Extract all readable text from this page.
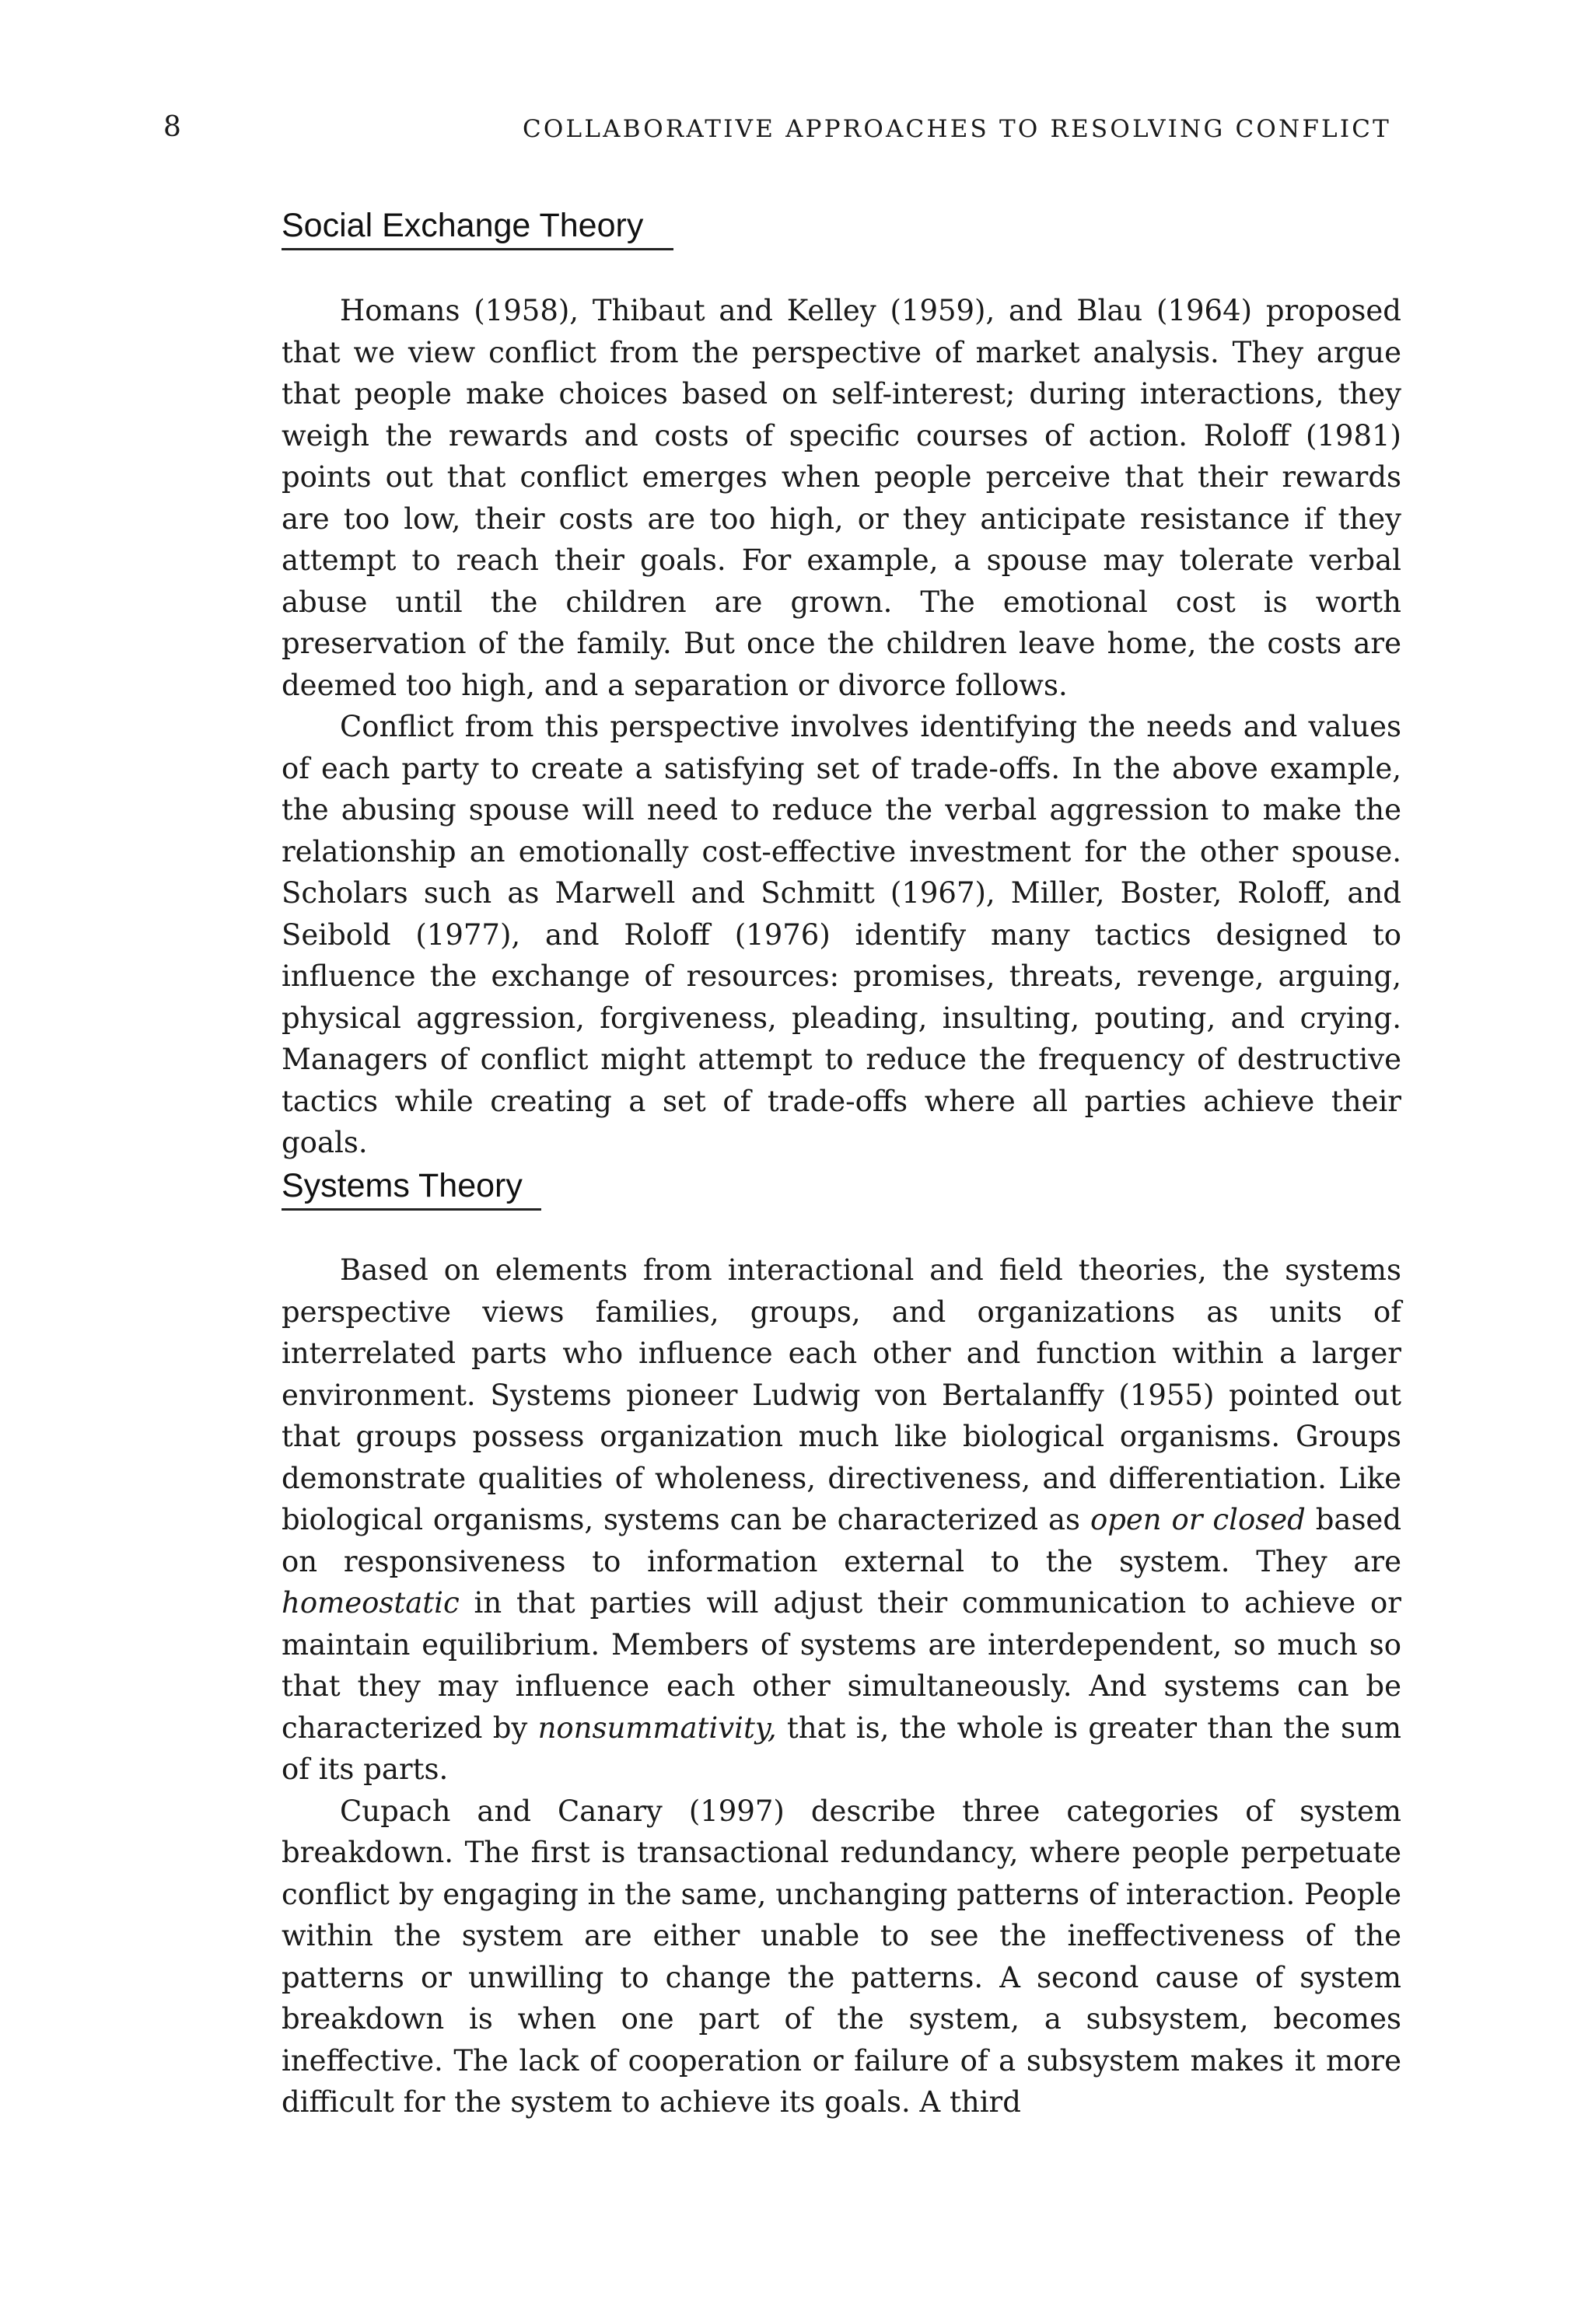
8	COLLABORATIVE APPROACHES TO RESOLVING CONFLICT
Social Exchange Theory

Homans (1958), Thibaut and Kelley (1959), and Blau (1964) proposed that we view conflict from the perspective of market analysis. They argue that people make choices based on self-interest; during interactions, they weigh the rewards and costs of specific courses of action. Roloff (1981) points out that conflict emerges when people perceive that their rewards are too low, their costs are too high, or they anticipate resistance if they attempt to reach their goals. For example, a spouse may tolerate verbal abuse until the children are grown. The emotional cost is worth preservation of the family. But once the children leave home, the costs are deemed too high, and a separation or divorce follows.

Conflict from this perspective involves identifying the needs and values of each party to create a satisfying set of trade-offs. In the above example, the abusing spouse will need to reduce the verbal aggression to make the relationship an emotionally cost-effective investment for the other spouse. Scholars such as Marwell and Schmitt (1967), Miller, Boster, Roloff, and Seibold (1977), and Roloff (1976) identify many tactics designed to influence the exchange of resources: promises, threats, revenge, arguing, physical aggression, forgiveness, pleading, insulting, pouting, and crying. Managers of conflict might attempt to reduce the frequency of destructive tactics while creating a set of trade-offs where all parties achieve their goals.

Systems Theory

Based on elements from interactional and field theories, the systems perspective views families, groups, and organizations as units of interrelated parts who influence each other and function within a larger environment. Systems pioneer Ludwig von Bertalanffy (1955) pointed out that groups possess organization much like biological organisms. Groups demonstrate qualities of wholeness, directiveness, and differentiation. Like biological organisms, systems can be characterized as open or closed based on responsiveness to information external to the system. They are homeostatic in that parties will adjust their communication to achieve or maintain equilibrium. Members of systems are interdependent, so much so that they may influence each other simultaneously. And systems can be characterized by nonsummativity, that is, the whole is greater than the sum of its parts.

Cupach and Canary (1997) describe three categories of system breakdown. The first is transactional redundancy, where people perpetuate conflict by engaging in the same, unchanging patterns of interaction. People within the system are either unable to see the ineffectiveness of the patterns or unwilling to change the patterns. A second cause of system breakdown is when one part of the system, a subsystem, becomes ineffective. The lack of cooperation or failure of a subsystem makes it more difficult for the system to achieve its goals. A third
